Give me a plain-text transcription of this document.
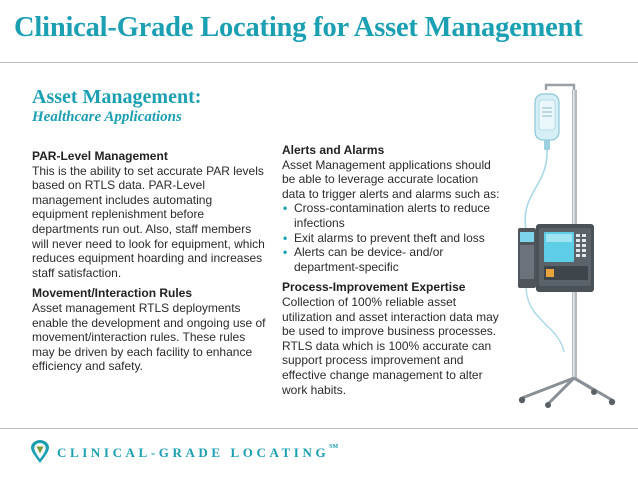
Clinical-Grade Locating for Asset Management
Asset Management:
Healthcare Applications
PAR-Level Management
This is the ability to set accurate PAR levels based on RTLS data. PAR-Level management includes automating equipment replenishment before departments run out. Also, staff members will never need to look for equipment, which reduces equipment hoarding and increases staff satisfaction.
Movement/Interaction Rules
Asset management RTLS deployments enable the development and ongoing use of movement/interaction rules. These rules may be driven by each facility to enhance efficiency and safety.
Alerts and Alarms
Asset Management applications should be able to leverage accurate location data to trigger alerts and alarms such as:
• Cross-contamination alerts to reduce infections
• Exit alarms to prevent theft and loss
• Alerts can be device- and/or department-specific
Process-Improvement Expertise
Collection of 100% reliable asset utilization and asset interaction data may be used to improve business processes. RTLS data which is 100% accurate can support process improvement and effective change management to alter work habits.
CLINICAL-GRADE LOCATING℠
